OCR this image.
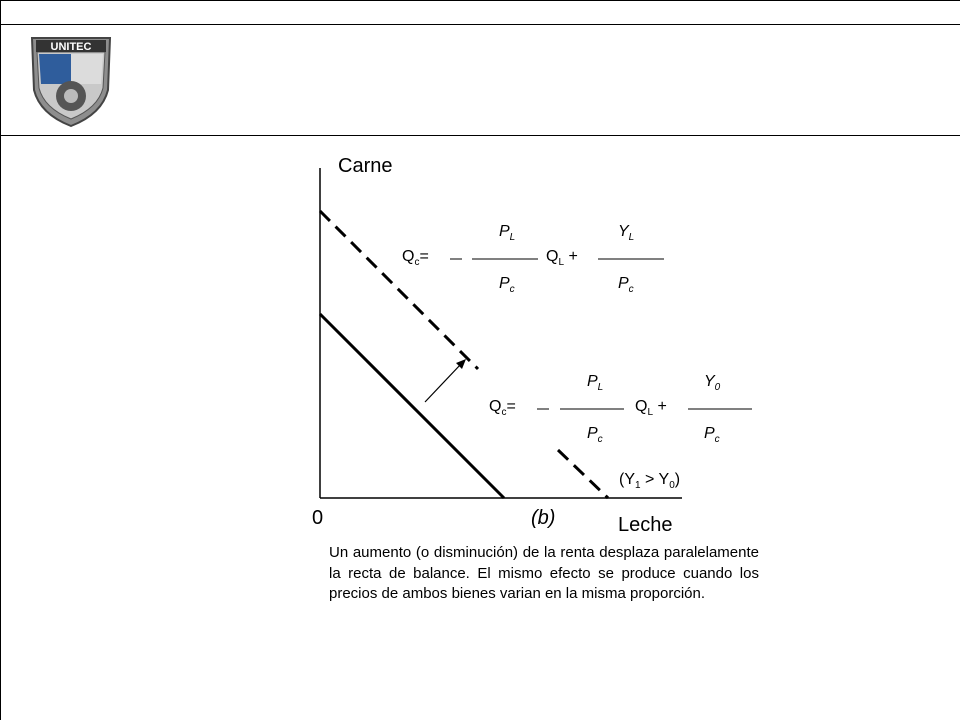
UNITEC
Carne
Leche
0	(b)
$Q_c=$
$P_L$
$P_c$
$Q_L$ +
$Y_L$
$P_c$
$Q_c=$
$P_L$
$P_c$
$Q_L$ +
$Y_0$
$P_c$
$(Y_1 > Y_0)$
Un aumento (o disminución) de la renta desplaza paralelamente la recta de balance. El mismo efecto se produce cuando los precios de ambos bienes varian en la misma proporción.
